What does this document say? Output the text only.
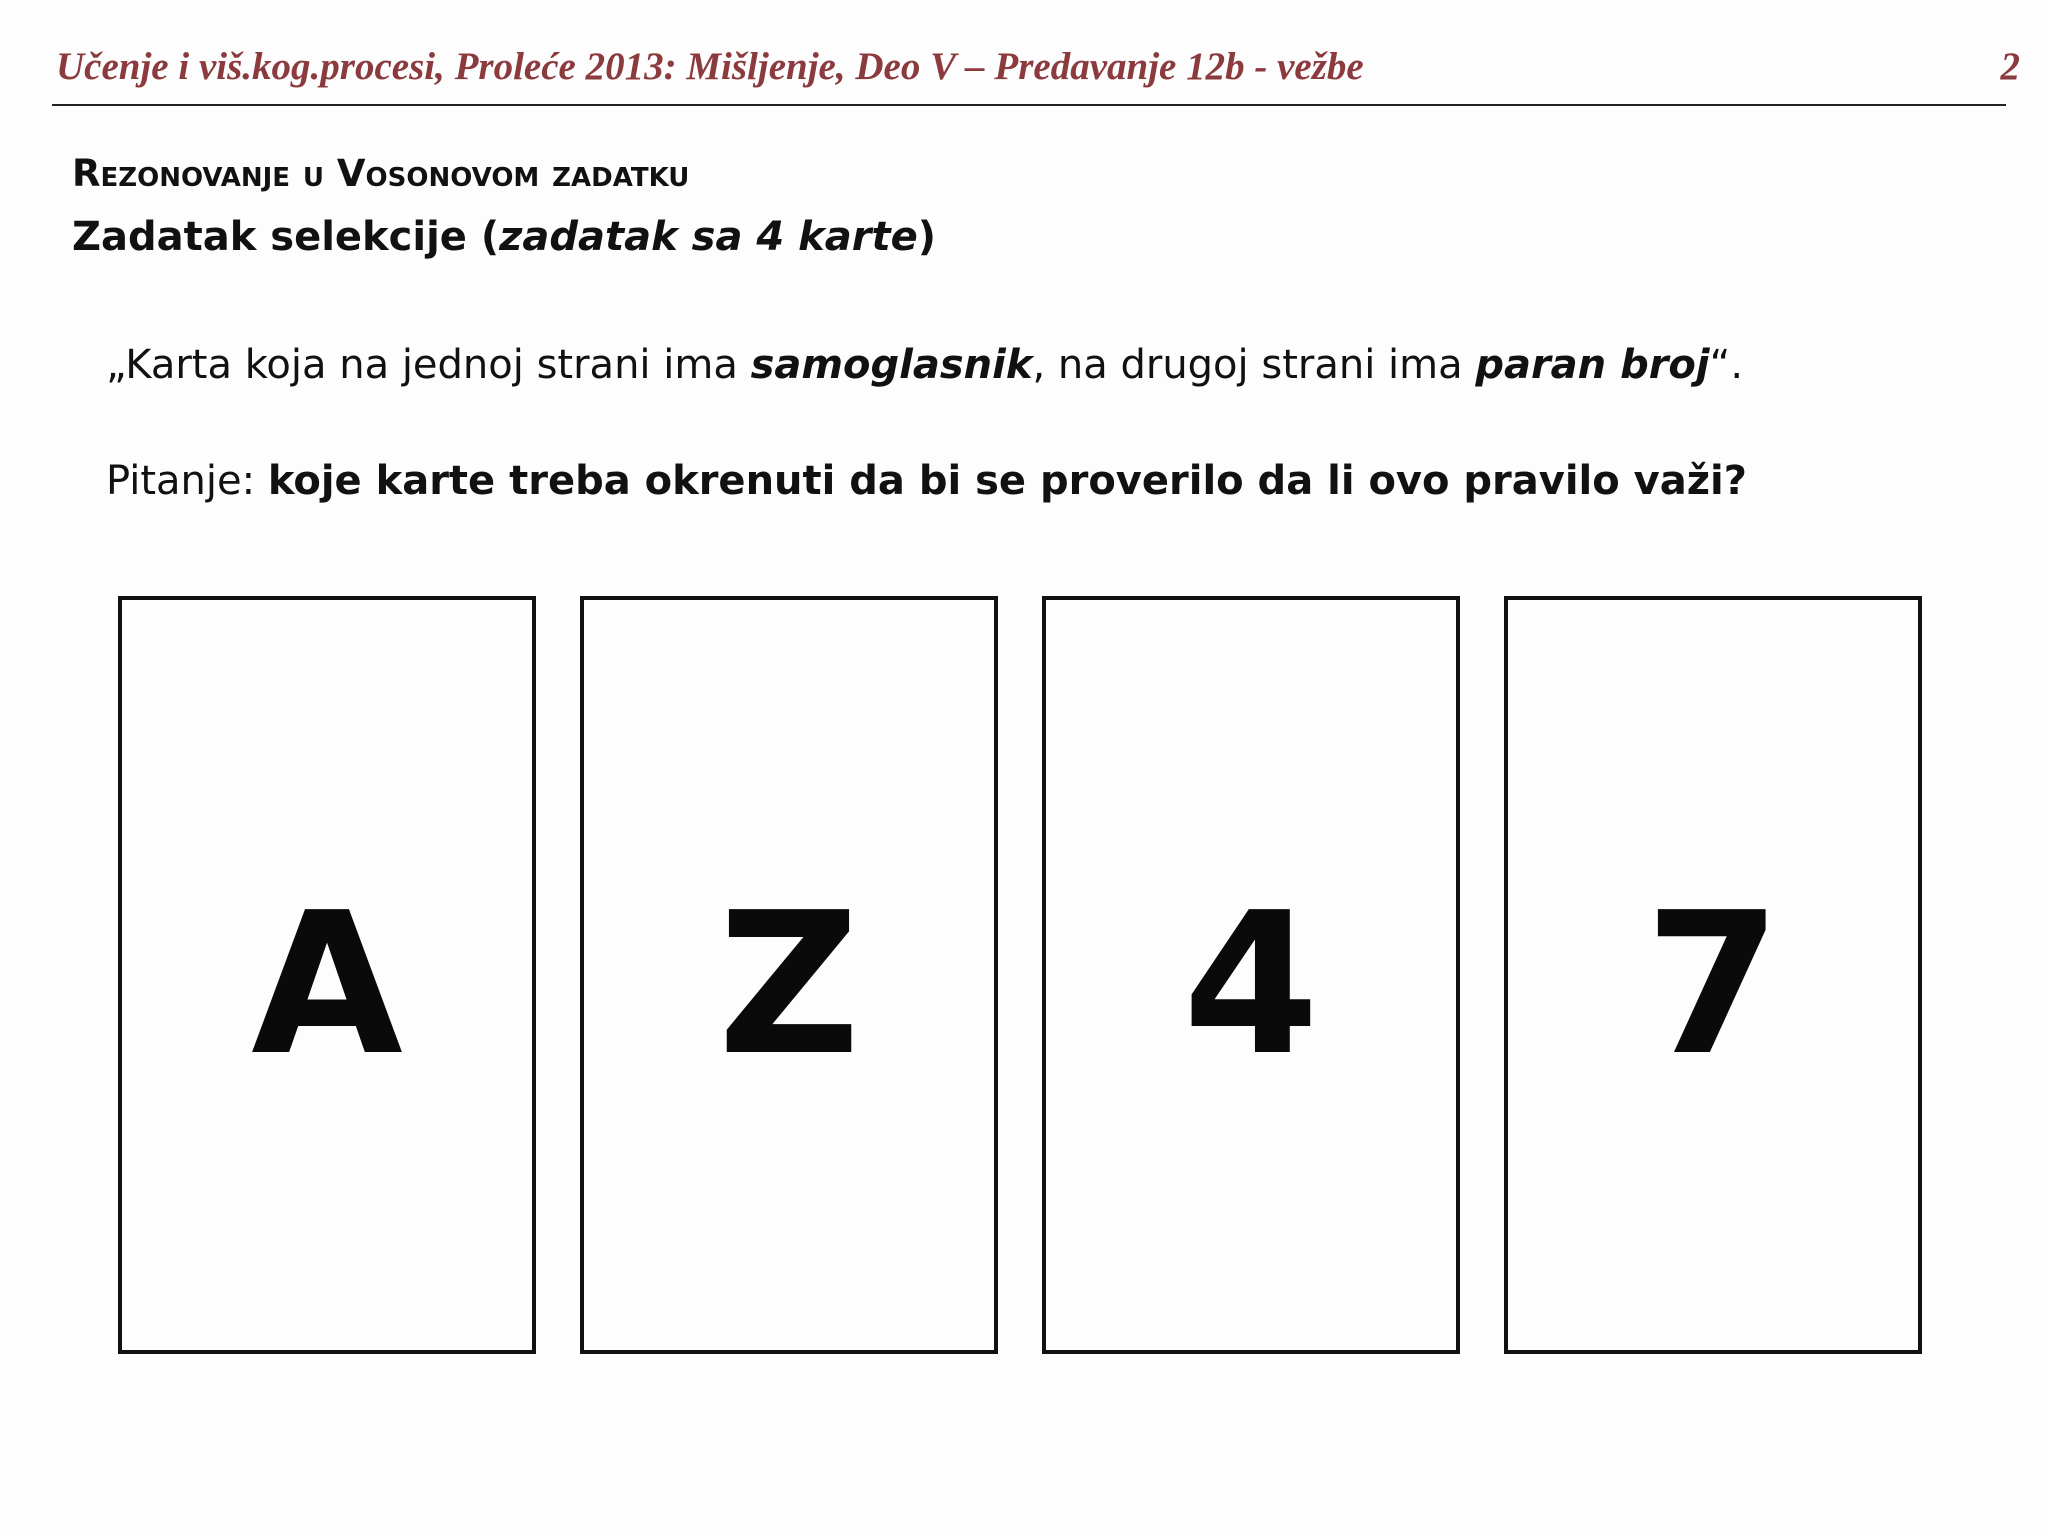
Učenje i viš.kog.procesi, Proleće 2013: Mišljenje, Deo V – Predavanje 12b - vežbe	2
Rezonovanje u Vosonovom zadatku
Zadatak selekcije (zadatak sa 4 karte)
„Karta koja na jednoj strani ima samoglasnik, na drugoj strani ima paran broj“.
Pitanje: koje karte treba okrenuti da bi se proverilo da li ovo pravilo važi?
A Z 4 7
